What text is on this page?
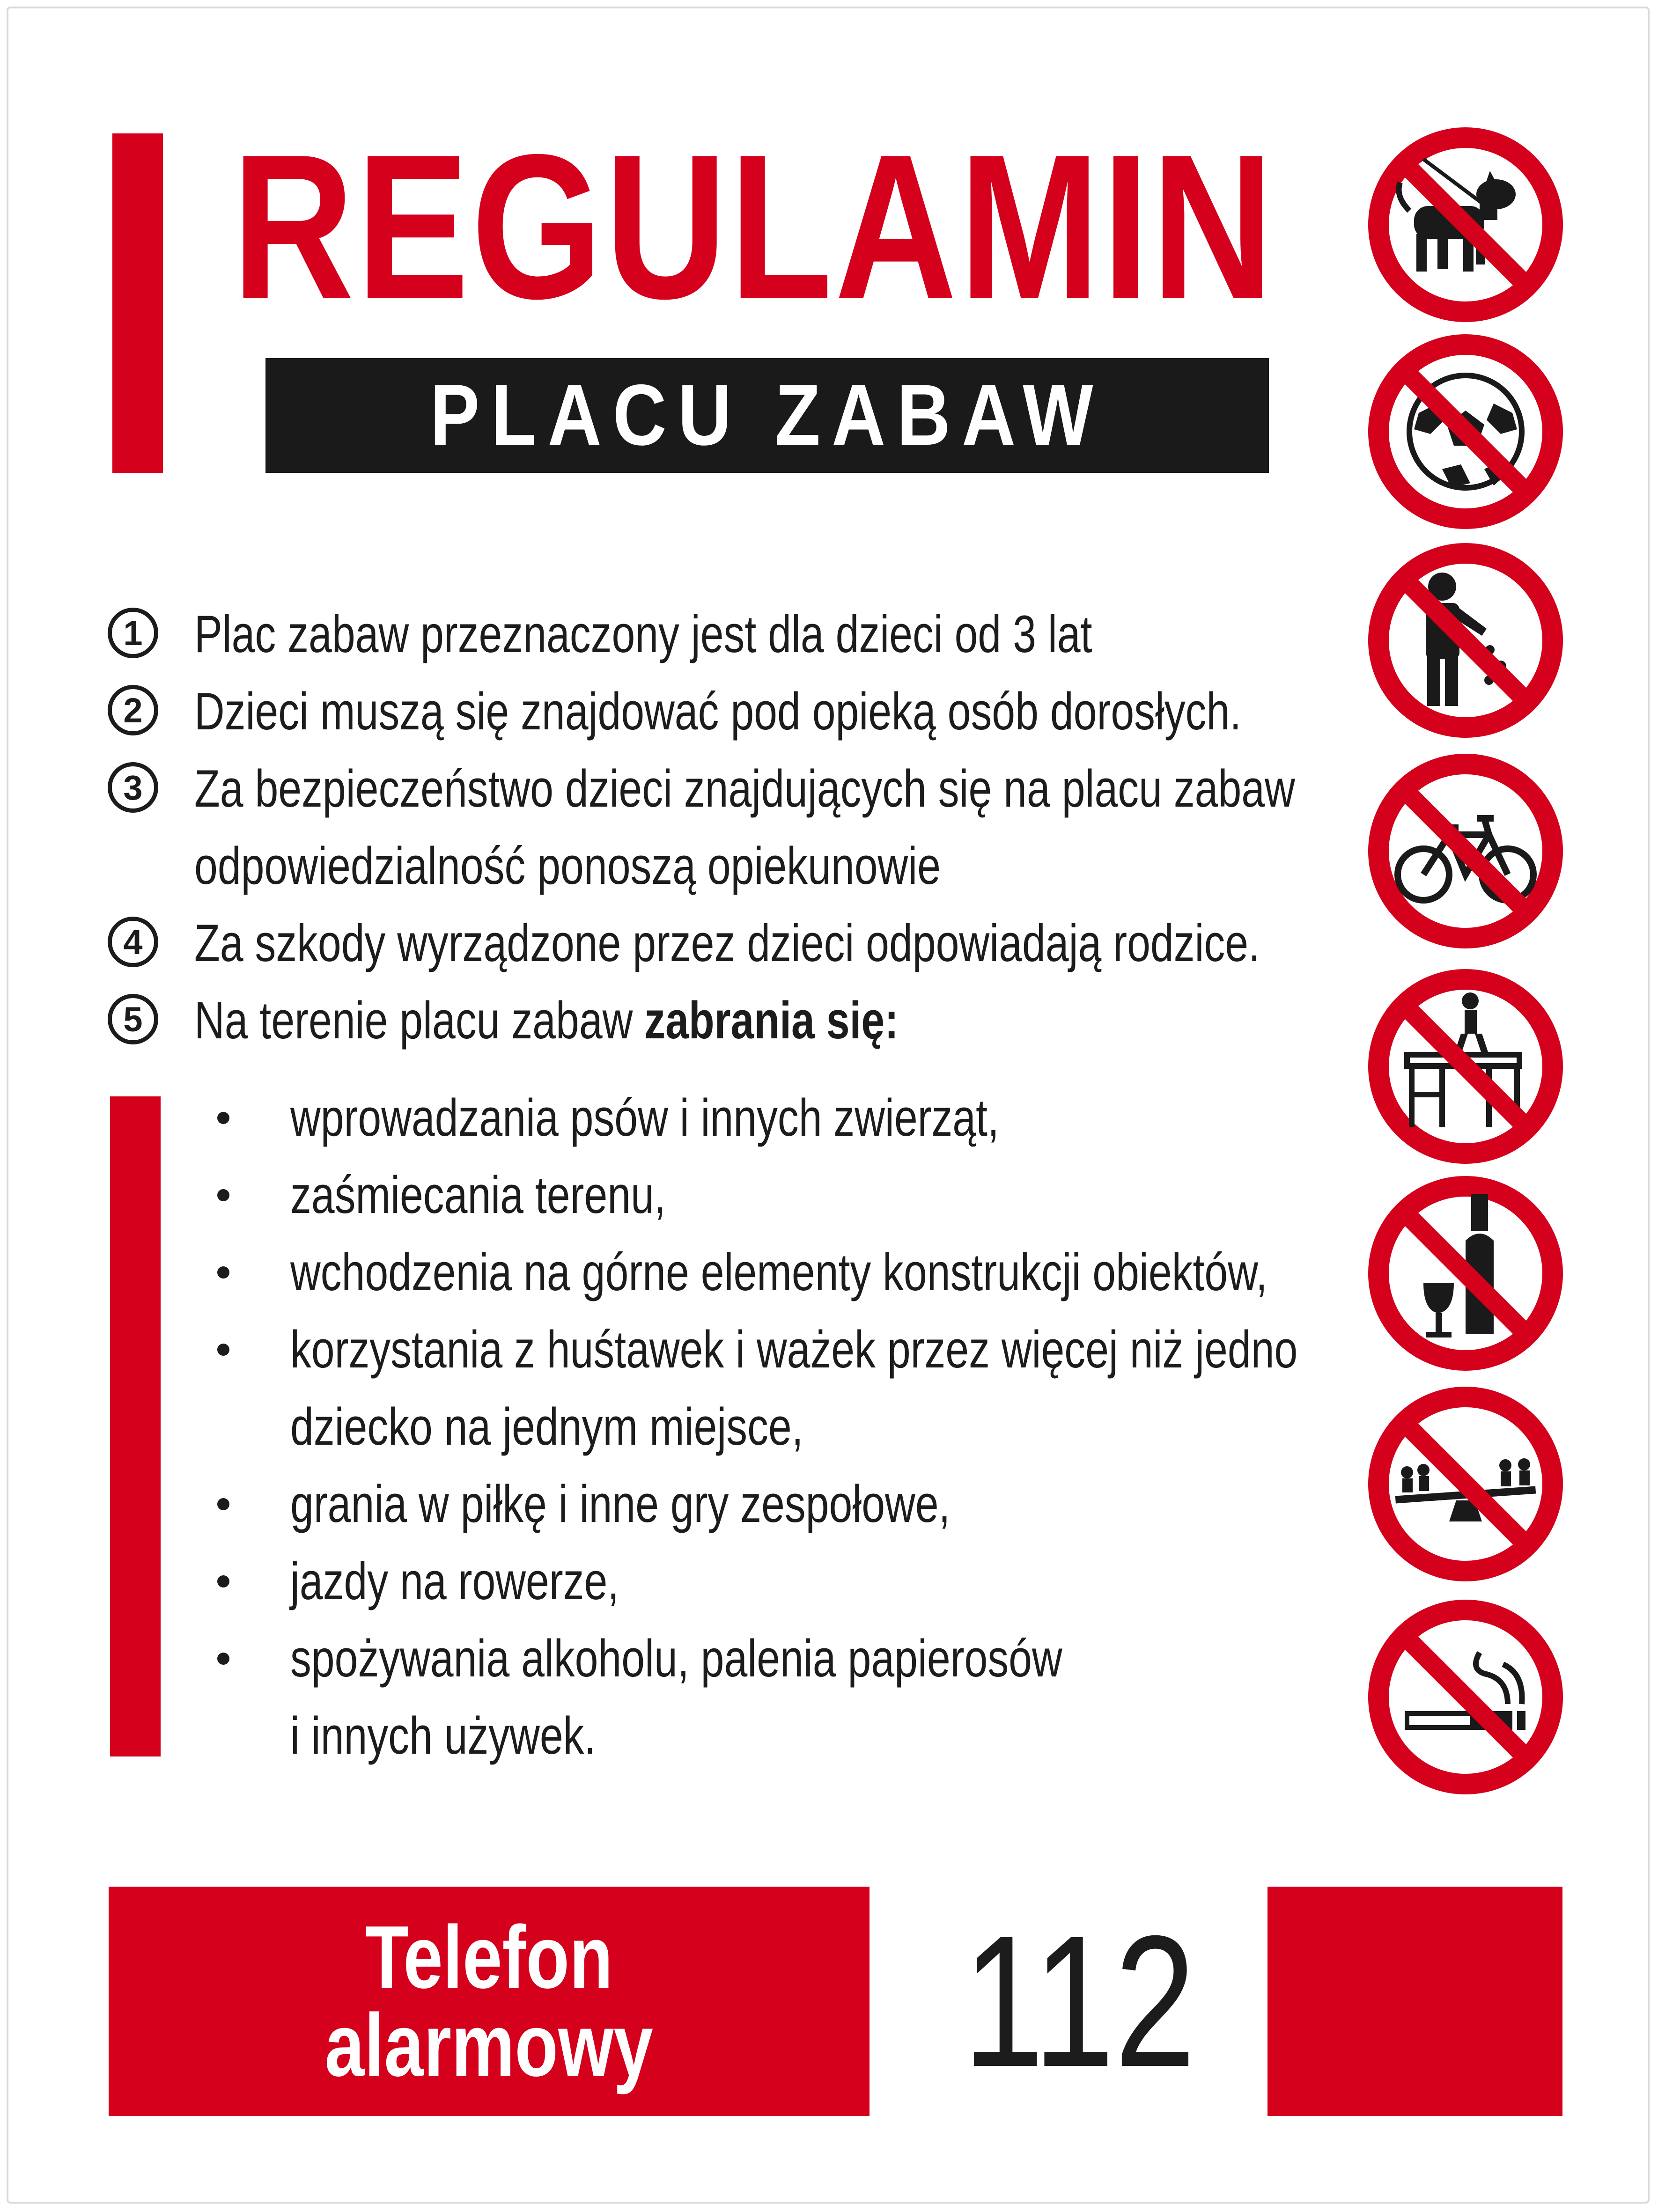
REGULAMIN
PLACU ZABAW
1 Plac zabaw przeznaczony jest dla dzieci od 3 lat
2 Dzieci muszą się znajdować pod opieką osób dorosłych.
3 Za bezpieczeństwo dzieci znajdujących się na placu zabaw
odpowiedzialność ponoszą opiekunowie
4 Za szkody wyrządzone przez dzieci odpowiadają rodzice.
5 Na terenie placu zabaw zabrania się:
wprowadzania psów i innych zwierząt,
zaśmiecania terenu,
wchodzenia na górne elementy konstrukcji obiektów,
korzystania z huśtawek i ważek przez więcej niż jedno
dziecko na jednym miejsce,
grania w piłkę i inne gry zespołowe,
jazdy na rowerze,
spożywania alkoholu, palenia papierosów
i innych używek.
Telefon
alarmowy 112
